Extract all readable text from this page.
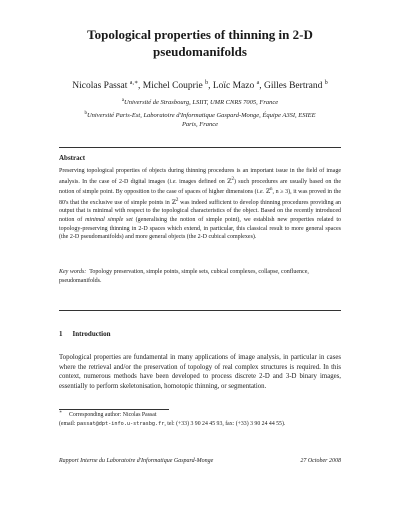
Topological properties of thinning in 2-D
pseudomanifolds
Nicolas Passat $^{a,∗}$, Michel Couprie $^b$, Loïc Mazo $^a$, Gilles Bertrand $^b$
$^a$Université de Strasbourg, LSIIT, UMR CNRS 7005, France
$^b$Université Paris-Est, Laboratoire d'Informatique Gaspard-Monge, Équipe A3SI, ESIEE
Paris, France
Abstract

Preserving topological properties of objects during thinning procedures is an important issue in the field of image analysis. In the case of 2-D digital images (i.e. images defined on ℤ$^2$) such procedures are usually based on the notion of simple point. By opposition to the case of spaces of higher dimensions (i.e. ℤ$^n$, n ≥ 3), it was proved in the 80's that the exclusive use of simple points in ℤ$^2$ was indeed sufficient to develop thinning procedures providing an output that is minimal with respect to the topological characteristics of the object. Based on the recently introduced notion of minimal simple set (generalising the notion of simple point), we establish new properties related to topology-preserving thinning in 2-D spaces which extend, in particular, this classical result to more general spaces (the 2-D pseudomanifolds) and more general objects (the 2-D cubical complexes).

Key words: Topology preservation, simple points, simple sets, cubical complexes, collapse, confluence, pseudomanifolds.
1 Introduction

Topological properties are fundamental in many applications of image analysis, in particular in cases where the retrieval and/or the preservation of topology of real complex structures is required. In this context, numerous methods have been developed to process discrete 2-D and 3-D binary images, essentially to perform skeletonisation, homotopic thinning, or segmentation.

∗Corresponding author: Nicolas Passat
(email: passat@dpt-info.u-strasbg.fr, tel: (+33) 3 90 24 45 93, fax: (+33) 3 90 24 44 55).
Rapport Interne du Laboratoire d'Informatique Gaspard-Monge	27 October 2008
